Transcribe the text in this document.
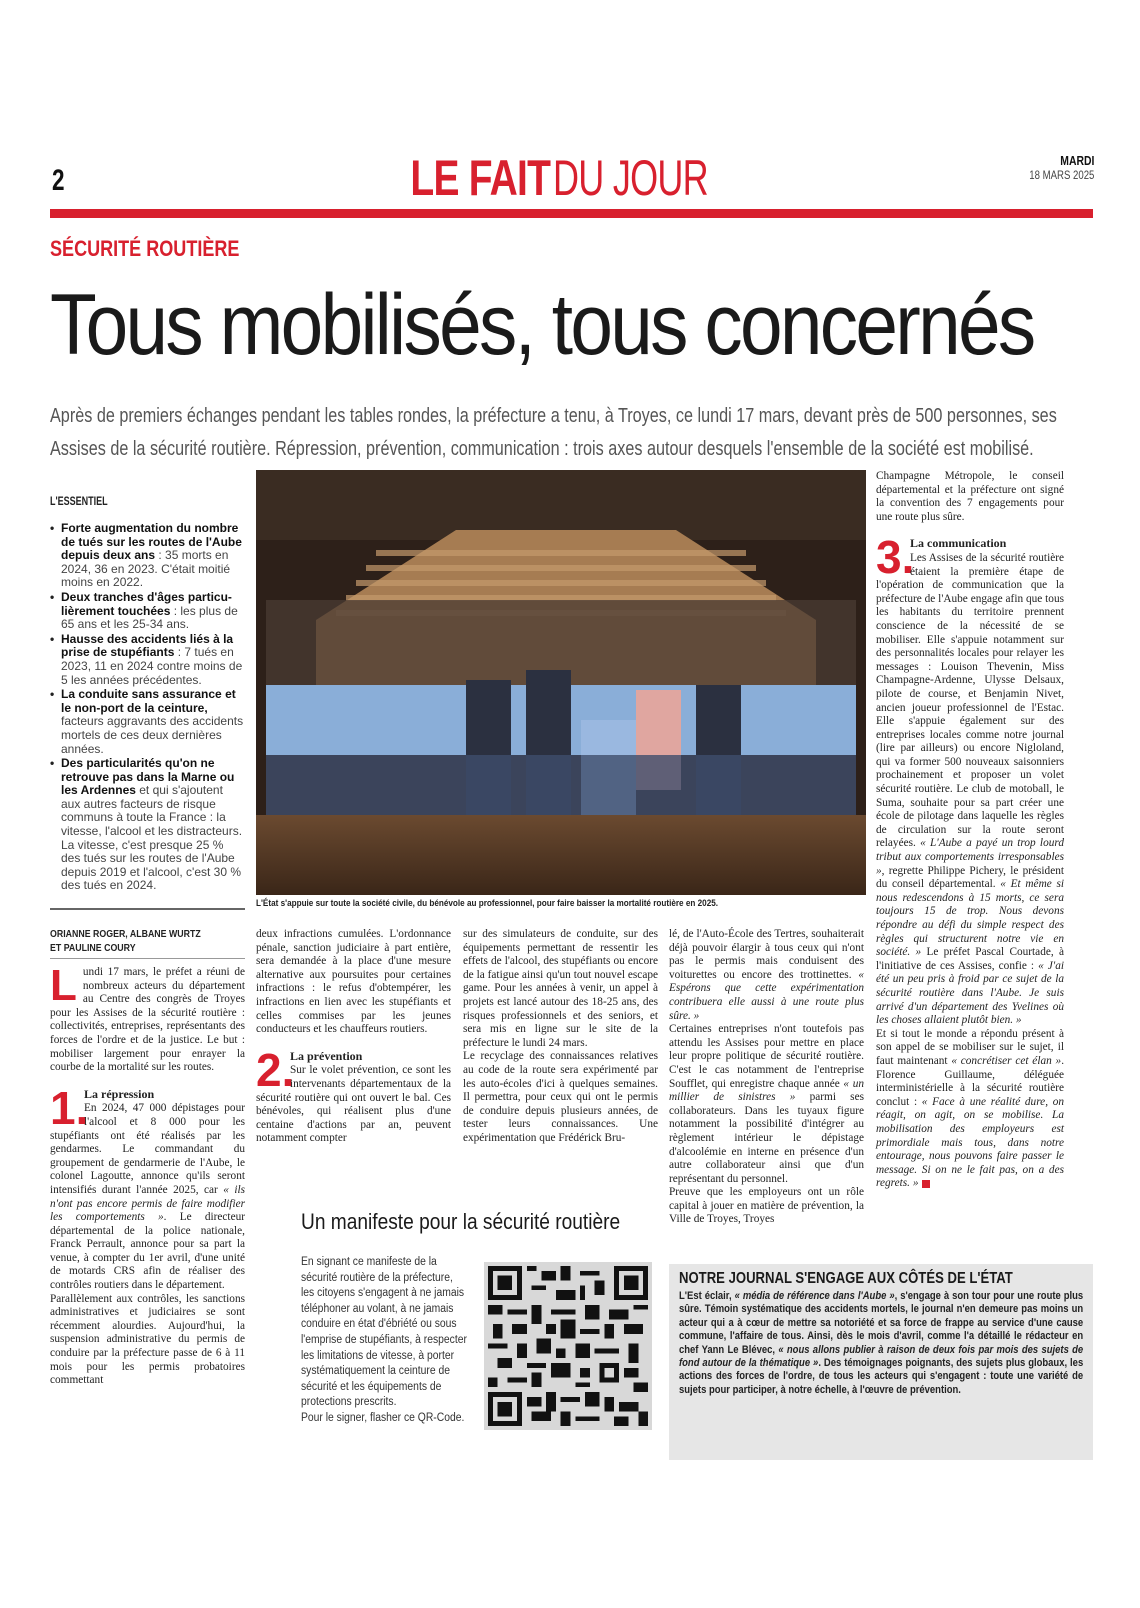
2	LE FAIT DU JOUR	MARDI
18 MARS 2025
SÉCURITÉ ROUTIÈRE
Tous mobilisés, tous concernés

Après de premiers échanges pendant les tables rondes, la préfecture a tenu, à Troyes, ce lundi 17 mars, devant près de 500 personnes, ses

Assises de la sécurité routière. Répression, prévention, communication : trois axes autour desquels l'ensemble de la société est mobilisé.

L'ESSENTIEL
• Forte augmentation du nombre de tués sur les routes de l'Aube depuis deux ans : 35 morts en 2024, 36 en 2023. C'était moitié moins en 2022.
• Deux tranches d'âges particulièrement touchées : les plus de 65 ans et les 25-34 ans.
• Hausse des accidents liés à la prise de stupéfiants : 7 tués en 2023, 11 en 2024 contre moins de 5 les années précédentes.
• La conduite sans assurance et le non-port de la ceinture, facteurs aggravants des accidents mortels de ces deux dernières années.
• Des particularités qu'on ne retrouve pas dans la Marne ou les Ardennes et qui s'ajoutent aux autres facteurs de risque communs à toute la France : la vitesse, l'alcool et les distracteurs. La vitesse, c'est presque 25 % des tués sur les routes de l'Aube depuis 2019 et l'alcool, c'est 30 % des tués en 2024.
ORIANNE ROGER, ALBANE WURTZ
ET PAULINE COURY
L'État s'appuie sur toute la société civile, du bénévole au professionnel, pour faire baisser la mortalité routière en 2025.

Lundi 17 mars, le préfet a réuni de nombreux acteurs du département au Centre des congrès de Troyes pour les Assises de la sécurité routière : collectivités, entreprises, représentants des forces de l'ordre et de la justice. Le but : mobiliser largement pour enrayer la courbe de la mortalité sur les routes.

1.
La répression
En 2024, 47 000 dépistages pour l'alcool et 8 000 pour les stupéfiants ont été réalisés par les gendarmes. Le commandant du groupement de gendarmerie de l'Aube, le colonel Lagoutte, annonce qu'ils seront intensifiés durant l'année 2025, car « ils n'ont pas encore permis de faire modifier les comportements ». Le directeur départemental de la police nationale, Franck Perrault, annonce pour sa part la venue, à compter du 1er avril, d'une unité de motards CRS afin de réaliser des contrôles routiers dans le département.

Parallèlement aux contrôles, les sanctions administratives et judiciaires se sont récemment alourdies. Aujourd'hui, la suspension administrative du permis de conduire par la préfecture passe de 6 à 11 mois pour les permis probatoires commettant

deux infractions cumulées. L'ordonnance pénale, sanction judiciaire à part entière, sera demandée à la place d'une mesure alternative aux poursuites pour certaines infractions : le refus d'obtempérer, les infractions en lien avec les stupéfiants et celles commises par les jeunes conducteurs et les chauffeurs routiers.

2.
La prévention
Sur le volet prévention, ce sont les intervenants départementaux de la sécurité routière qui ont ouvert le bal. Ces bénévoles, qui réalisent plus d'une centaine d'actions par an, peuvent notamment compter

sur des simulateurs de conduite, sur des équipements permettant de ressentir les effets de l'alcool, des stupéfiants ou encore de la fatigue ainsi qu'un tout nouvel escape game. Pour les années à venir, un appel à projets est lancé autour des 18-25 ans, des risques professionnels et des seniors, et sera mis en ligne sur le site de la préfecture le lundi 24 mars.

Le recyclage des connaissances relatives au code de la route sera expérimenté par les auto-écoles d'ici à quelques semaines. Il permettra, pour ceux qui ont le permis de conduire depuis plusieurs années, de tester leurs connaissances. Une expérimentation que Frédérick Bru-

lé, de l'Auto-École des Tertres, souhaiterait déjà pouvoir élargir à tous ceux qui n'ont pas le permis mais conduisent des voiturettes ou encore des trottinettes. « Espérons que cette expérimentation contribuera elle aussi à une route plus sûre. »

Certaines entreprises n'ont toutefois pas attendu les Assises pour mettre en place leur propre politique de sécurité routière. C'est le cas notamment de l'entreprise Soufflet, qui enregistre chaque année « un millier de sinistres » parmi ses collaborateurs. Dans les tuyaux figure notamment la possibilité d'intégrer au règlement intérieur le dépistage d'alcoolémie en interne en présence d'un autre collaborateur ainsi que d'un représentant du personnel.

Preuve que les employeurs ont un rôle capital à jouer en matière de prévention, la Ville de Troyes, Troyes

Champagne Métropole, le conseil départemental et la préfecture ont signé la convention des 7 engagements pour une route plus sûre.

3.
La communication
Les Assises de la sécurité routière étaient la première étape de l'opération de communication que la préfecture de l'Aube engage afin que tous les habitants du territoire prennent conscience de la nécessité de se mobiliser. Elle s'appuie notamment sur des personnalités locales pour relayer les messages : Louison Thevenin, Miss Champagne-Ardenne, Ulysse Delsaux, pilote de course, et Benjamin Nivet, ancien joueur professionnel de l'Estac. Elle s'appuie également sur des entreprises locales comme notre journal (lire par ailleurs) ou encore Nigloland, qui va former 500 nouveaux saisonniers prochainement et proposer un volet sécurité routière. Le club de motoball, le Suma, souhaite pour sa part créer une école de pilotage dans laquelle les règles de circulation sur la route seront relayées. « L'Aube a payé un trop lourd tribut aux comportements irresponsables », regrette Philippe Pichery, le président du conseil départemental. « Et même si nous redescendons à 15 morts, ce sera toujours 15 de trop. Nous devons répondre au défi du simple respect des règles qui structurent notre vie en société. » Le préfet Pascal Courtade, à l'initiative de ces Assises, confie : « J'ai été un peu pris à froid par ce sujet de la sécurité routière dans l'Aube. Je suis arrivé d'un département des Yvelines où les choses allaient plutôt bien. »

Et si tout le monde a répondu présent à son appel de se mobiliser sur le sujet, il faut maintenant « concrétiser cet élan ». Florence Guillaume, déléguée interministérielle à la sécurité routière conclut : « Face à une réalité dure, on réagit, on agit, on se mobilise. La mobilisation des employeurs est primordiale mais tous, dans notre entourage, nous pouvons faire passer le message. Si on ne le fait pas, on a des regrets. »

Un manifeste pour la sécurité routière

En signant ce manifeste de la sécurité routière de la préfecture, les citoyens s'engagent à ne jamais téléphoner au volant, à ne jamais conduire en état d'ébriété ou sous l'emprise de stupéfiants, à respecter les limitations de vitesse, à porter systématiquement la ceinture de sécurité et les équipements de protections prescrits.

Pour le signer, flasher ce QR-Code.

NOTRE JOURNAL S'ENGAGE AUX CÔTÉS DE L'ÉTAT

L'Est éclair, « média de référence dans l'Aube », s'engage à son tour pour une route plus sûre. Témoin systématique des accidents mortels, le journal n'en demeure pas moins un acteur qui a à cœur de mettre sa notoriété et sa force de frappe au service d'une cause commune, l'affaire de tous. Ainsi, dès le mois d'avril, comme l'a détaillé le rédacteur en chef Yann Le Blévec, « nous allons publier à raison de deux fois par mois des sujets de fond autour de la thématique ». Des témoignages poignants, des sujets plus globaux, les actions des forces de l'ordre, de tous les acteurs qui s'engagent : toute une variété de sujets pour participer, à notre échelle, à l'œuvre de prévention.
